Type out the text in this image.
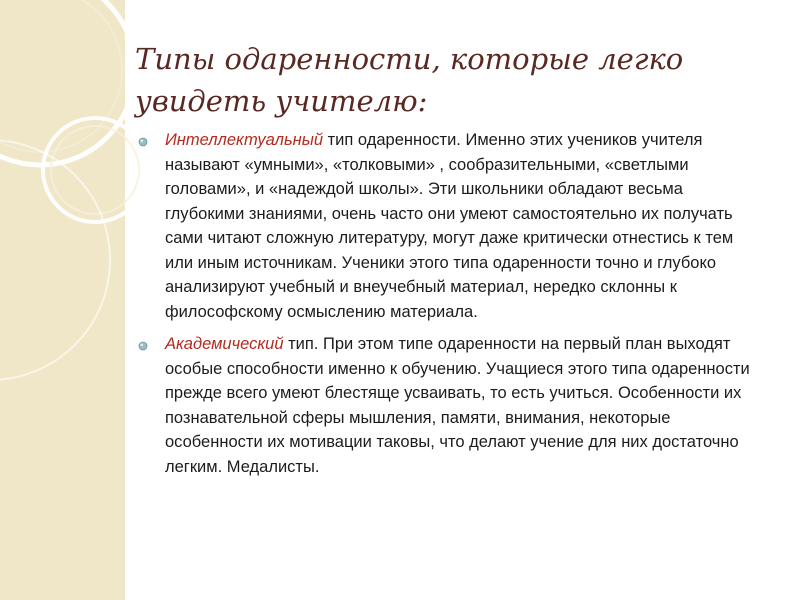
Типы одаренности, которые легко увидеть учителю:

Интеллектуальный тип одаренности. Именно этих учеников учителя называют «умными», «толковыми» , сообразительными, «светлыми головами», и «надеждой школы». Эти школьники обладают весьма глубокими знаниями, очень часто они умеют самостоятельно их получать сами читают сложную литературу, могут даже критически отнестись к тем или иным источникам. Ученики этого типа одаренности точно и глубоко анализируют учебный и внеучебный материал, нередко склонны к философскому осмыслению материала.

Академический тип. При этом типе одаренности на первый план выходят особые способности именно к обучению. Учащиеся этого типа одаренности прежде всего умеют блестяще усваивать, то есть учиться. Особенности их познавательной сферы мышления, памяти, внимания, некоторые особенности их мотивации таковы, что делают учение для них достаточно легким. Медалисты.
